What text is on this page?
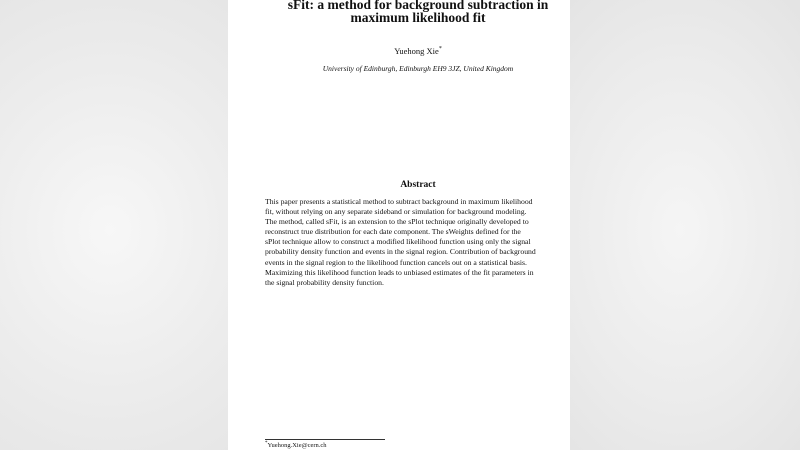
sFit: a method for background subtraction in
maximum likelihood fit
Yuehong Xie*
University of Edinburgh, Edinburgh EH9 3JZ, United Kingdom
Abstract
This paper presents a statistical method to subtract background in maximum likelihood
fit, without relying on any separate sideband or simulation for background modeling.
The method, called sFit, is an extension to the sPlot technique originally developed to
reconstruct true distribution for each date component. The sWeights defined for the
sPlot technique allow to construct a modified likelihood function using only the signal
probability density function and events in the signal region. Contribution of background
events in the signal region to the likelihood function cancels out on a statistical basis.
Maximizing this likelihood function leads to unbiased estimates of the fit parameters in
the signal probability density function.
*Yuehong.Xie@cern.ch
